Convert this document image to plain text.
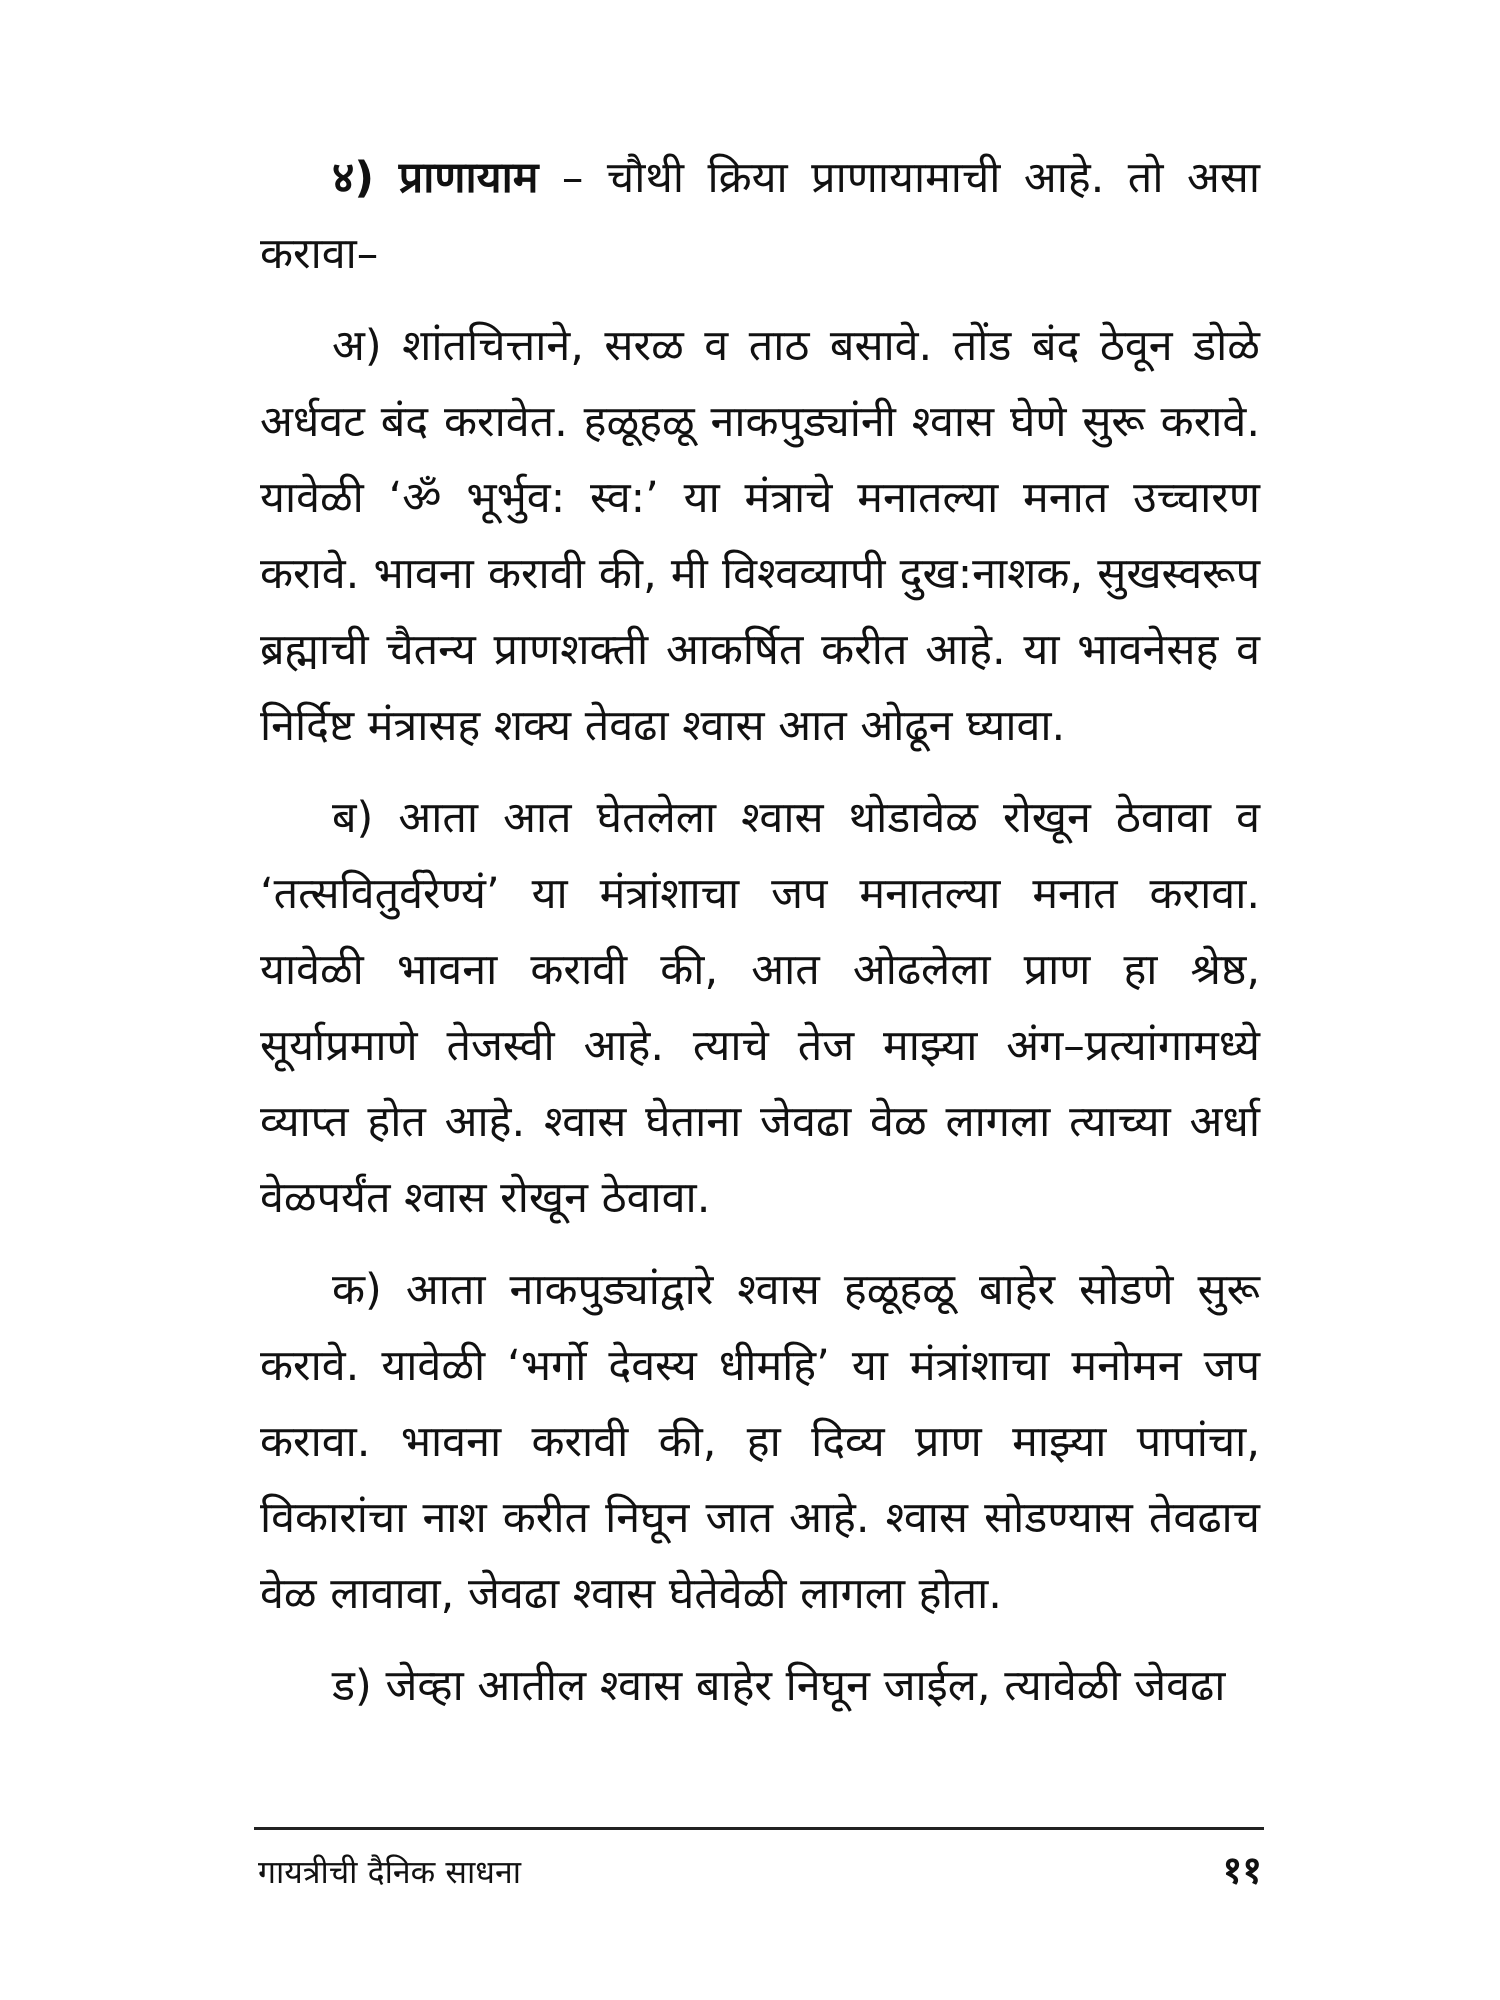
४) प्राणायाम – चौथी क्रिया प्राणायामाची आहे. तो असा करावा–

अ) शांतचित्ताने, सरळ व ताठ बसावे. तोंड बंद ठेवून डोळे अर्धवट बंद करावेत. हळूहळू नाकपुड्यांनी श्वास घेणे सुरू करावे. यावेळी ‘ॐ भूर्भुव: स्व:’ या मंत्राचे मनातल्या मनात उच्चारण करावे. भावना करावी की, मी विश्वव्यापी दुख:नाशक, सुखस्वरूप ब्रह्माची चैतन्य प्राणशक्ती आकर्षित करीत आहे. या भावनेसह व निर्दिष्ट मंत्रासह शक्य तेवढा श्वास आत ओढून घ्यावा.

ब) आता आत घेतलेला श्वास थोडावेळ रोखून ठेवावा व ‘तत्सवितुर्वरेण्यं’ या मंत्रांशाचा जप मनातल्या मनात करावा. यावेळी भावना करावी की, आत ओढलेला प्राण हा श्रेष्ठ, सूर्याप्रमाणे तेजस्वी आहे. त्याचे तेज माझ्या अंग–प्रत्यांगामध्ये व्याप्त होत आहे. श्वास घेताना जेवढा वेळ लागला त्याच्या अर्धा वेळपर्यंत श्वास रोखून ठेवावा.

क) आता नाकपुड्यांद्वारे श्वास हळूहळू बाहेर सोडणे सुरू करावे. यावेळी ‘भर्गो देवस्य धीमहि’ या मंत्रांशाचा मनोमन जप करावा. भावना करावी की, हा दिव्य प्राण माझ्या पापांचा, विकारांचा नाश करीत निघून जात आहे. श्वास सोडण्यास तेवढाच वेळ लावावा, जेवढा श्वास घेतेवेळी लागला होता.

ड) जेव्हा आतील श्वास बाहेर निघून जाईल, त्यावेळी जेवढा

गायत्रीची दैनिक साधना	११
